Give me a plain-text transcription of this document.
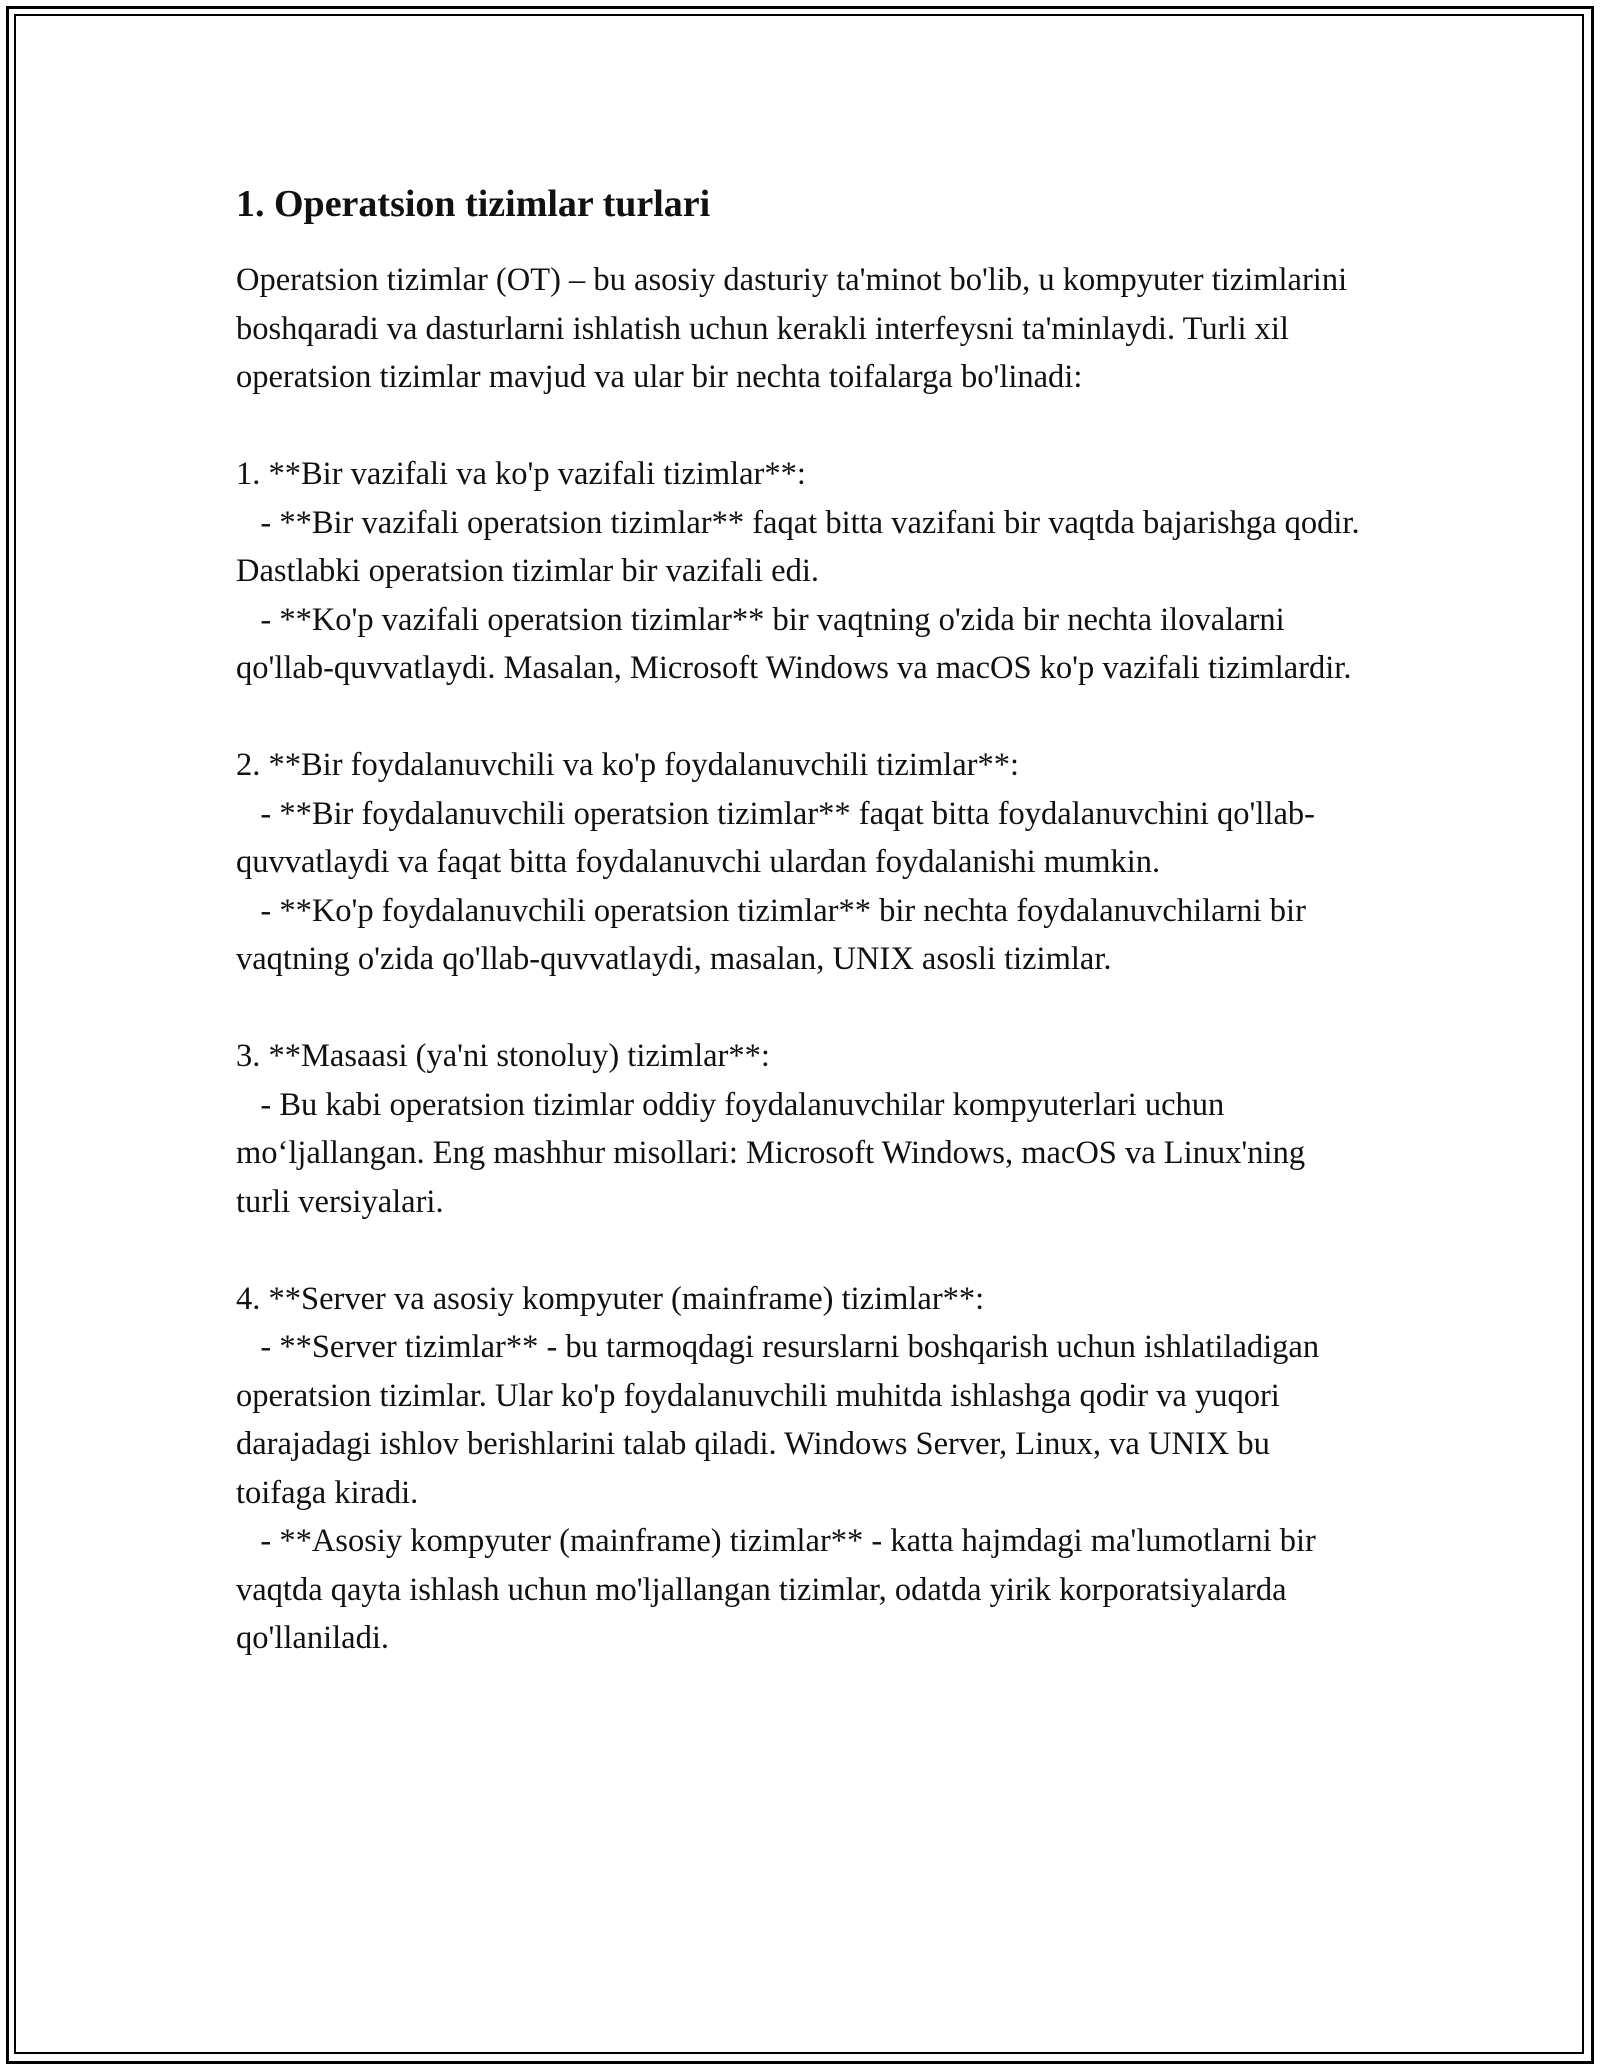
1. Operatsion tizimlar turlari

Operatsion tizimlar (OT) – bu asosiy dasturiy ta'minot bo'lib, u kompyuter tizimlarini boshqaradi va dasturlarni ishlatish uchun kerakli interfeysni ta'minlaydi. Turli xil operatsion tizimlar mavjud va ular bir nechta toifalarga bo'linadi:

1. **Bir vazifali va ko'p vazifali tizimlar**:
- **Bir vazifali operatsion tizimlar** faqat bitta vazifani bir vaqtda bajarishga qodir. Dastlabki operatsion tizimlar bir vazifali edi.
- **Ko'p vazifali operatsion tizimlar** bir vaqtning o'zida bir nechta ilovalarni qo'llab-quvvatlaydi. Masalan, Microsoft Windows va macOS ko'p vazifali tizimlardir.

2. **Bir foydalanuvchili va ko'p foydalanuvchili tizimlar**:
- **Bir foydalanuvchili operatsion tizimlar** faqat bitta foydalanuvchini qo'llab-quvvatlaydi va faqat bitta foydalanuvchi ulardan foydalanishi mumkin.
- **Ko'p foydalanuvchili operatsion tizimlar** bir nechta foydalanuvchilarni bir vaqtning o'zida qo'llab-quvvatlaydi, masalan, UNIX asosli tizimlar.

3. **Masaasi (ya'ni stonoluy) tizimlar**:
- Bu kabi operatsion tizimlar oddiy foydalanuvchilar kompyuterlari uchun mo‘ljallangan. Eng mashhur misollari: Microsoft Windows, macOS va Linux'ning turli versiyalari.

4. **Server va asosiy kompyuter (mainframe) tizimlar**:
- **Server tizimlar** - bu tarmoqdagi resurslarni boshqarish uchun ishlatiladigan operatsion tizimlar. Ular ko'p foydalanuvchili muhitda ishlashga qodir va yuqori darajadagi ishlov berishlarini talab qiladi. Windows Server, Linux, va UNIX bu toifaga kiradi.
- **Asosiy kompyuter (mainframe) tizimlar** - katta hajmdagi ma'lumotlarni bir vaqtda qayta ishlash uchun mo'ljallangan tizimlar, odatda yirik korporatsiyalarda qo'llaniladi.
